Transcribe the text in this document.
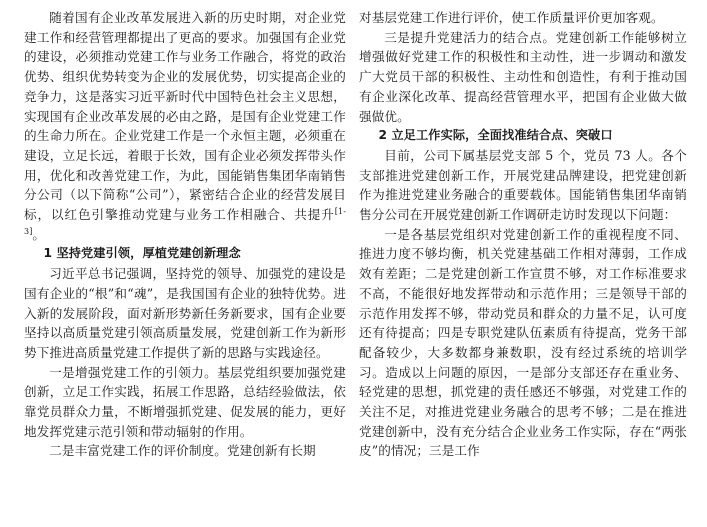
随着国有企业改革发展进入新的历史时期，对企业党建工作和经营管理都提出了更高的要求。加强国有企业党的建设，必须推动党建工作与业务工作融合，将党的政治优势、组织优势转变为企业的发展优势，切实提高企业的竞争力，这是落实习近平新时代中国特色社会主义思想，实现国有企业改革发展的必由之路，是国有企业党建工作的生命力所在。企业党建工作是一个永恒主题，必须重在建设，立足长远，着眼于长效，国有企业必须发挥带头作用，优化和改善党建工作，为此，国能销售集团华南销售分公司（以下简称“公司”），紧密结合企业的经营发展目标，以红色引擎推动党建与业务工作相融合、共提升[1-3]。

1 坚持党建引领，厚植党建创新理念

习近平总书记强调，坚持党的领导、加强党的建设是国有企业的“根”和“魂”，是我国国有企业的独特优势。进入新的发展阶段，面对新形势新任务新要求，国有企业要坚持以高质量党建引领高质量发展，党建创新工作为新形势下推进高质量党建工作提供了新的思路与实践途径。

一是增强党建工作的引领力。基层党组织要加强党建创新，立足工作实践，拓展工作思路，总结经验做法，依靠党员群众力量，不断增强抓党建、促发展的能力，更好地发挥党建示范引领和带动辐射的作用。

二是丰富党建工作的评价制度。党建创新有长期

对基层党建工作进行评价，使工作质量评价更加客观。

三是提升党建活力的结合点。党建创新工作能够树立增强做好党建工作的积极性和主动性，进一步调动和激发广大党员干部的积极性、主动性和创造性，有利于推动国有企业深化改革、提高经营管理水平，把国有企业做大做强做优。

2 立足工作实际，全面找准结合点、突破口

目前，公司下属基层党支部 5 个，党员 73 人。各个支部推进党建创新工作，开展党建品牌建设，把党建创新作为推进党建业务融合的重要载体。国能销售集团华南销售分公司在开展党建创新工作调研走访时发现以下问题：

一是各基层党组织对党建创新工作的重视程度不同、推进力度不够均衡，机关党建基础工作相对薄弱，工作成效有差距；二是党建创新工作宣贯不够，对工作标准要求不高，不能很好地发挥带动和示范作用；三是领导干部的示范作用发挥不够，带动党员和群众的力量不足，认可度还有待提高；四是专职党建队伍素质有待提高，党务干部配备较少，大多数都身兼数职，没有经过系统的培训学习。造成以上问题的原因，一是部分支部还存在重业务、轻党建的思想，抓党建的责任感还不够强，对党建工作的关注不足，对推进党建业务融合的思考不够；二是在推进党建创新中，没有充分结合企业业务工作实际，存在“两张皮”的情况；三是工作
